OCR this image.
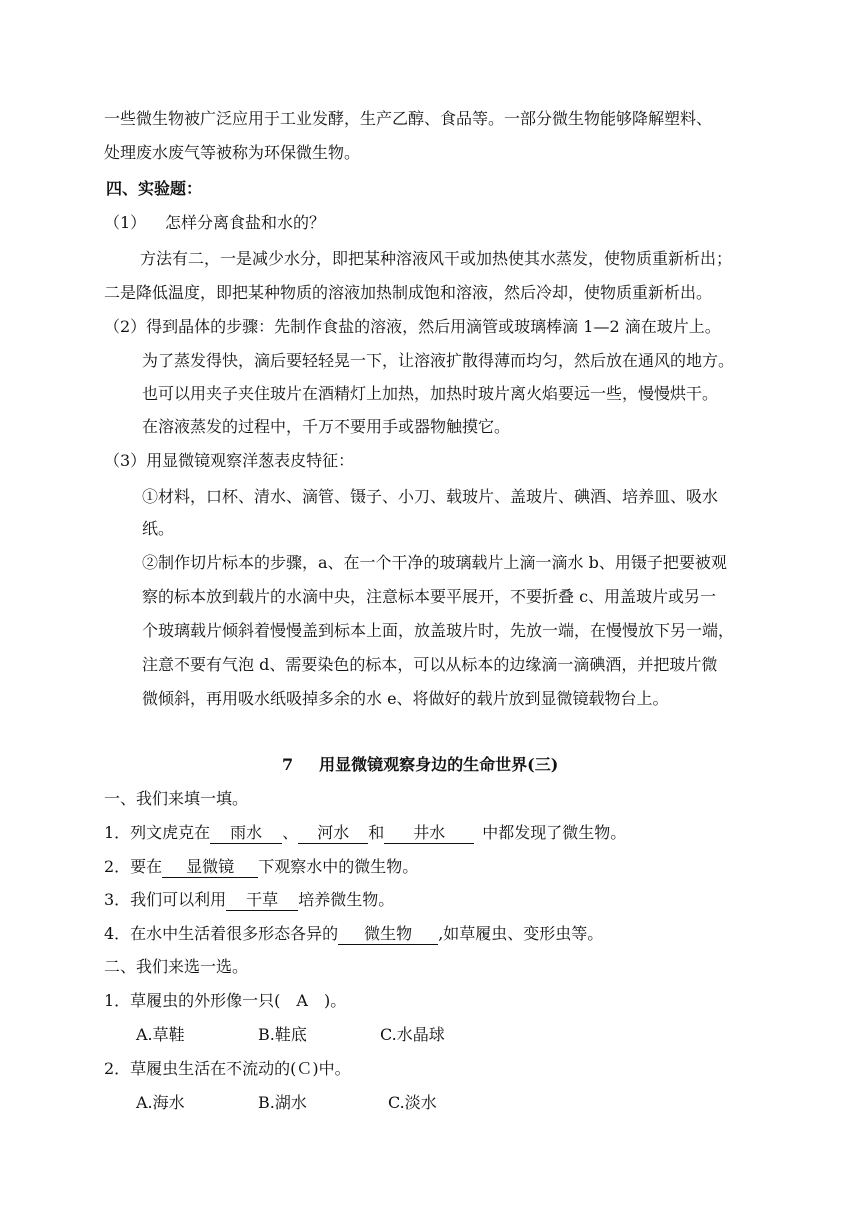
一些微生物被广泛应用于工业发酵，生产乙醇、食品等。一部分微生物能够降解塑料、
处理废水废气等被称为环保微生物。
四、实验题：
（1） 怎样分离食盐和水的？
方法有二，一是减少水分，即把某种溶液风干或加热使其水蒸发，使物质重新析出；
二是降低温度，即把某种物质的溶液加热制成饱和溶液，然后冷却，使物质重新析出。
（2）得到晶体的步骤：先制作食盐的溶液，然后用滴管或玻璃棒滴 1—2 滴在玻片上。
为了蒸发得快，滴后要轻轻晃一下，让溶液扩散得薄而均匀，然后放在通风的地方。
也可以用夹子夹住玻片在酒精灯上加热，加热时玻片离火焰要远一些，慢慢烘干。
在溶液蒸发的过程中，千万不要用手或器物触摸它。
（3）用显微镜观察洋葱表皮特征：
①材料，口杯、清水、滴管、镊子、小刀、载玻片、盖玻片、碘酒、培养皿、吸水
纸。
②制作切片标本的步骤，a、在一个干净的玻璃载片上滴一滴水 b、用镊子把要被观
察的标本放到载片的水滴中央，注意标本要平展开，不要折叠 c、用盖玻片或另一
个玻璃载片倾斜着慢慢盖到标本上面，放盖玻片时，先放一端，在慢慢放下另一端，
注意不要有气泡 d、需要染色的标本，可以从标本的边缘滴一滴碘酒，并把玻片微
微倾斜，再用吸水纸吸掉多余的水 e、将做好的载片放到显微镜载物台上。
7 用显微镜观察身边的生命世界(三)
一、我们来填一填。
1．列文虎克在 雨水 、 河水 和 井水 中都发现了微生物。
2．要在 显微镜 下观察水中的微生物。
3．我们可以利用 干草 培养微生物。
4．在水中生活着很多形态各异的 微生物 ,如草履虫、变形虫等。
二、我们来选一选。
1．草履虫的外形像一只(　A　)。
A.草鞋	B.鞋底	C.水晶球
2．草履虫生活在不流动的(Ｃ)中。
A.海水	B.湖水	C.淡水
